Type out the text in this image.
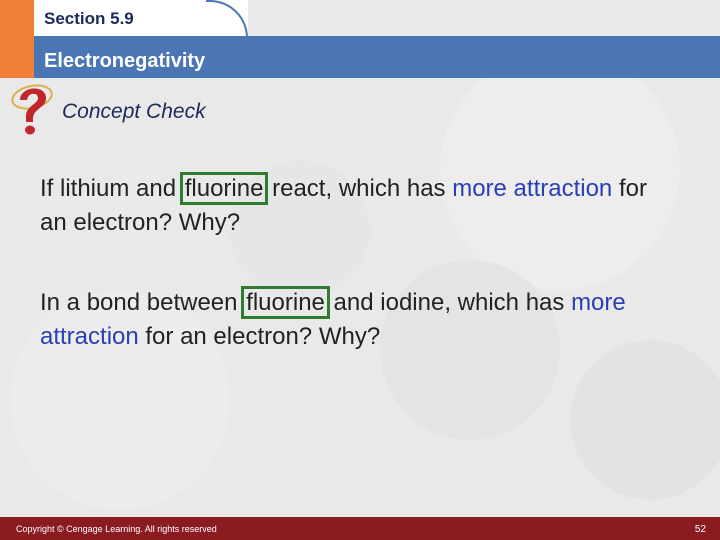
Section 5.9
Electronegativity
Concept Check
If lithium and fluorine react, which has more attraction for an electron? Why?
In a bond between fluorine and iodine, which has more attraction for an electron? Why?
Copyright © Cengage Learning. All rights reserved	52
